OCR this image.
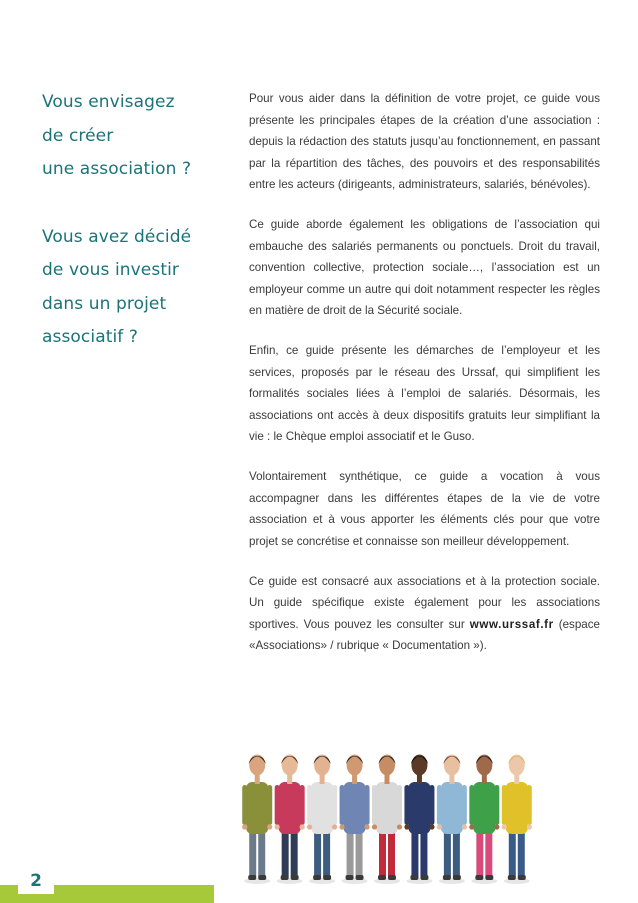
Vous envisagez
de créer
une association ?
Vous avez décidé
de vous investir
dans un projet
associatif ?

Pour vous aider dans la définition de votre projet, ce guide vous présente les principales étapes de la création d’une association : depuis la rédaction des statuts jusqu’au fonctionnement, en passant par la répartition des tâches, des pouvoirs et des responsabilités entre les acteurs (dirigeants, administrateurs, salariés, bénévoles).

Ce guide aborde également les obligations de l’association qui embauche des salariés permanents ou ponctuels. Droit du travail, convention collective, protection sociale…, l’association est un employeur comme un autre qui doit notamment respecter les règles en matière de droit de la Sécurité sociale.

Enfin, ce guide présente les démarches de l’employeur et les services, proposés par le réseau des Urssaf, qui simplifient les formalités sociales liées à l’emploi de salariés. Désormais, les associations ont accès à deux dispositifs gratuits leur simplifiant la vie : le Chèque emploi associatif et le Guso.

Volontairement synthétique, ce guide a vocation à vous accompagner dans les différentes étapes de la vie de votre association et à vous apporter les éléments clés pour que votre projet se concrétise et connaisse son meilleur développement.

Ce guide est consacré aux associations et à la protection sociale. Un guide spécifique existe également pour les associations sportives. Vous pouvez les consulter sur www.urssaf.fr (espace «Associations» / rubrique « Documentation »).

2
